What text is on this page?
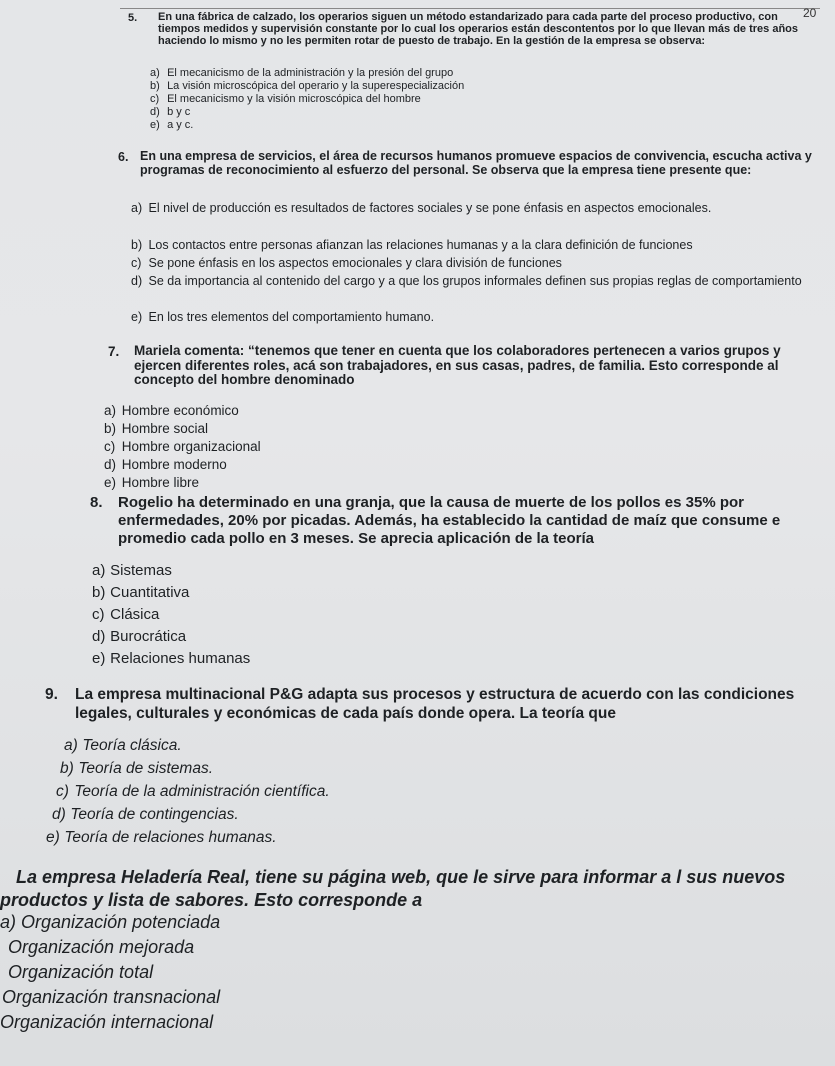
20
5. En una fábrica de calzado, los operarios siguen un método estandarizado para cada parte del proceso productivo, con tiempos medidos y supervisión constante por lo cual los operarios están descontentos por lo que llevan más de tres años haciendo lo mismo y no les permiten rotar de puesto de trabajo. En la gestión de la empresa se observa:
a) El mecanicismo de la administración y la presión del grupo
b) La visión microscópica del operario y la superespecialización
c) El mecanicismo y la visión microscópica del hombre
d) b y c
e) a y c.
6. En una empresa de servicios, el área de recursos humanos promueve espacios de convivencia, escucha activa y programas de reconocimiento al esfuerzo del personal. Se observa que la empresa tiene presente que:
a) El nivel de producción es resultados de factores sociales y se pone énfasis en aspectos emocionales.
b) Los contactos entre personas afianzan las relaciones humanas y a la clara definición de funciones
c) Se pone énfasis en los aspectos emocionales y clara división de funciones
d) Se da importancia al contenido del cargo y a que los grupos informales definen sus propias reglas de comportamiento
e) En los tres elementos del comportamiento humano.
7. Mariela comenta: “tenemos que tener en cuenta que los colaboradores pertenecen a varios grupos y ejercen diferentes roles, acá son trabajadores, en sus casas, padres, de familia. Esto corresponde al concepto del hombre denominado
a) Hombre económico
b) Hombre social
c) Hombre organizacional
d) Hombre moderno
e) Hombre libre
8. Rogelio ha determinado en una granja, que la causa de muerte de los pollos es 35% por enfermedades, 20% por picadas. Además, ha establecido la cantidad de maíz que consume e promedio cada pollo en 3 meses. Se aprecia aplicación de la teoría
a) Sistemas
b) Cuantitativa
c) Clásica
d) Burocrática
e) Relaciones humanas
9. La empresa multinacional P&G adapta sus procesos y estructura de acuerdo con las condiciones legales, culturales y económicas de cada país donde opera. La teoría que
a) Teoría clásica.
b) Teoría de sistemas.
c) Teoría de la administración científica.
d) Teoría de contingencias.
e) Teoría de relaciones humanas.
La empresa Heladería Real, tiene su página web, que le sirve para informar a l sus nuevos productos y lista de sabores. Esto corresponde a
a) Organización potenciada
Organización mejorada
Organización total
Organización transnacional
Organización internacional
